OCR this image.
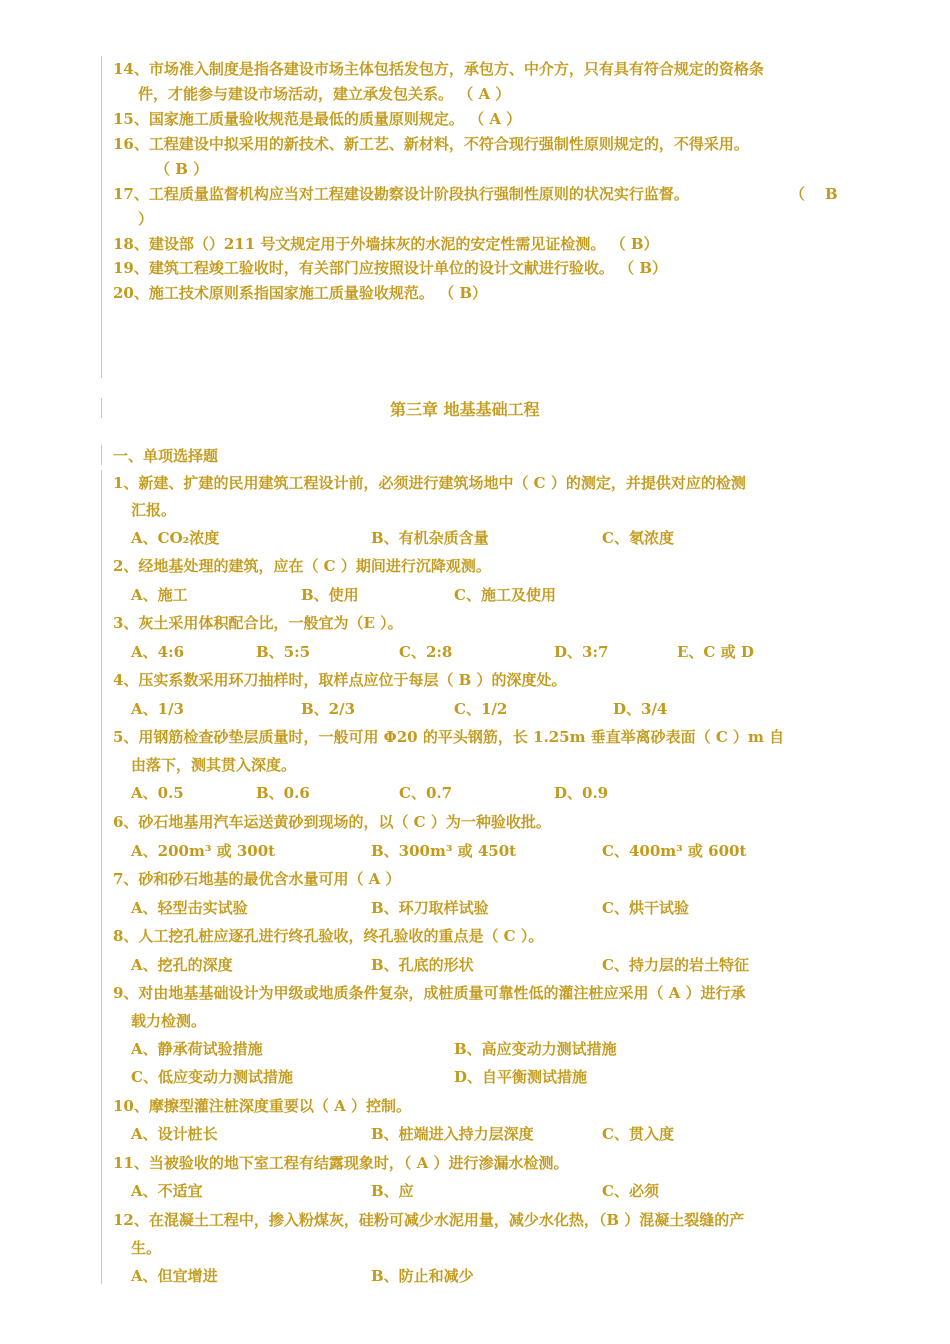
14、市场准入制度是指各建设市场主体包括发包方，承包方、中介方，只有具有符合规定的资格条
件，才能参与建设市场活动，建立承发包关系。 （ A ）
15、国家施工质量验收规范是最低的质量原则规定。 （ A ）
16、工程建设中拟采用的新技术、新工艺、新材料，不符合现行强制性原则规定的，不得采用。
（ B ）
17、工程质量监督机构应当对工程建设勘察设计阶段执行强制性原则的状况实行监督。	（ B
）
18、建设部（）211 号文规定用于外墙抹灰的水泥的安定性需见证检测。 （ B）
19、建筑工程竣工验收时，有关部门应按照设计单位的设计文献进行验收。 （ B）
20、施工技术原则系指国家施工质量验收规范。 （ B）
第三章 地基基础工程
一、单项选择题
1、新建、扩建的民用建筑工程设计前，必须进行建筑场地中（ C ）的测定，并提供对应的检测
汇报。
A、CO₂浓度	B、有机杂质含量	C、氡浓度
2、经地基处理的建筑，应在（ C ）期间进行沉降观测。
A、施工	B、使用	C、施工及使用
3、灰土采用体积配合比，一般宜为（E ）。
A、4:6	B、5:5	C、2:8	D、3:7	E、C 或 D
4、压实系数采用环刀抽样时，取样点应位于每层（ B ）的深度处。
A、1/3	B、2/3	C、1/2	D、3/4
5、用钢筋检查砂垫层质量时，一般可用 Φ20 的平头钢筋，长 1.25m 垂直举离砂表面（ C ）m 自
由落下，测其贯入深度。
A、0.5	B、0.6	C、0.7	D、0.9
6、砂石地基用汽车运送黄砂到现场的，以（ C ）为一种验收批。
A、200m³ 或 300t	B、300m³ 或 450t	C、400m³ 或 600t
7、砂和砂石地基的最优含水量可用（ A ）
A、轻型击实试验	B、环刀取样试验	C、烘干试验
8、人工挖孔桩应逐孔进行终孔验收，终孔验收的重点是（ C ）。
A、挖孔的深度	B、孔底的形状	C、持力层的岩土特征
9、对由地基基础设计为甲级或地质条件复杂，成桩质量可靠性低的灌注桩应采用（ A ）进行承
载力检测。
A、静承荷试验措施	B、高应变动力测试措施
C、低应变动力测试措施	D、自平衡测试措施
10、摩擦型灌注桩深度重要以（ A ）控制。
A、设计桩长	B、桩端进入持力层深度	C、贯入度
11、当被验收的地下室工程有结露现象时，（ A ）进行渗漏水检测。
A、不适宜	B、应	C、必须
12、在混凝土工程中，掺入粉煤灰，硅粉可减少水泥用量，减少水化热，（B ）混凝土裂缝的产
生。
A、但宜增进	B、防止和减少
